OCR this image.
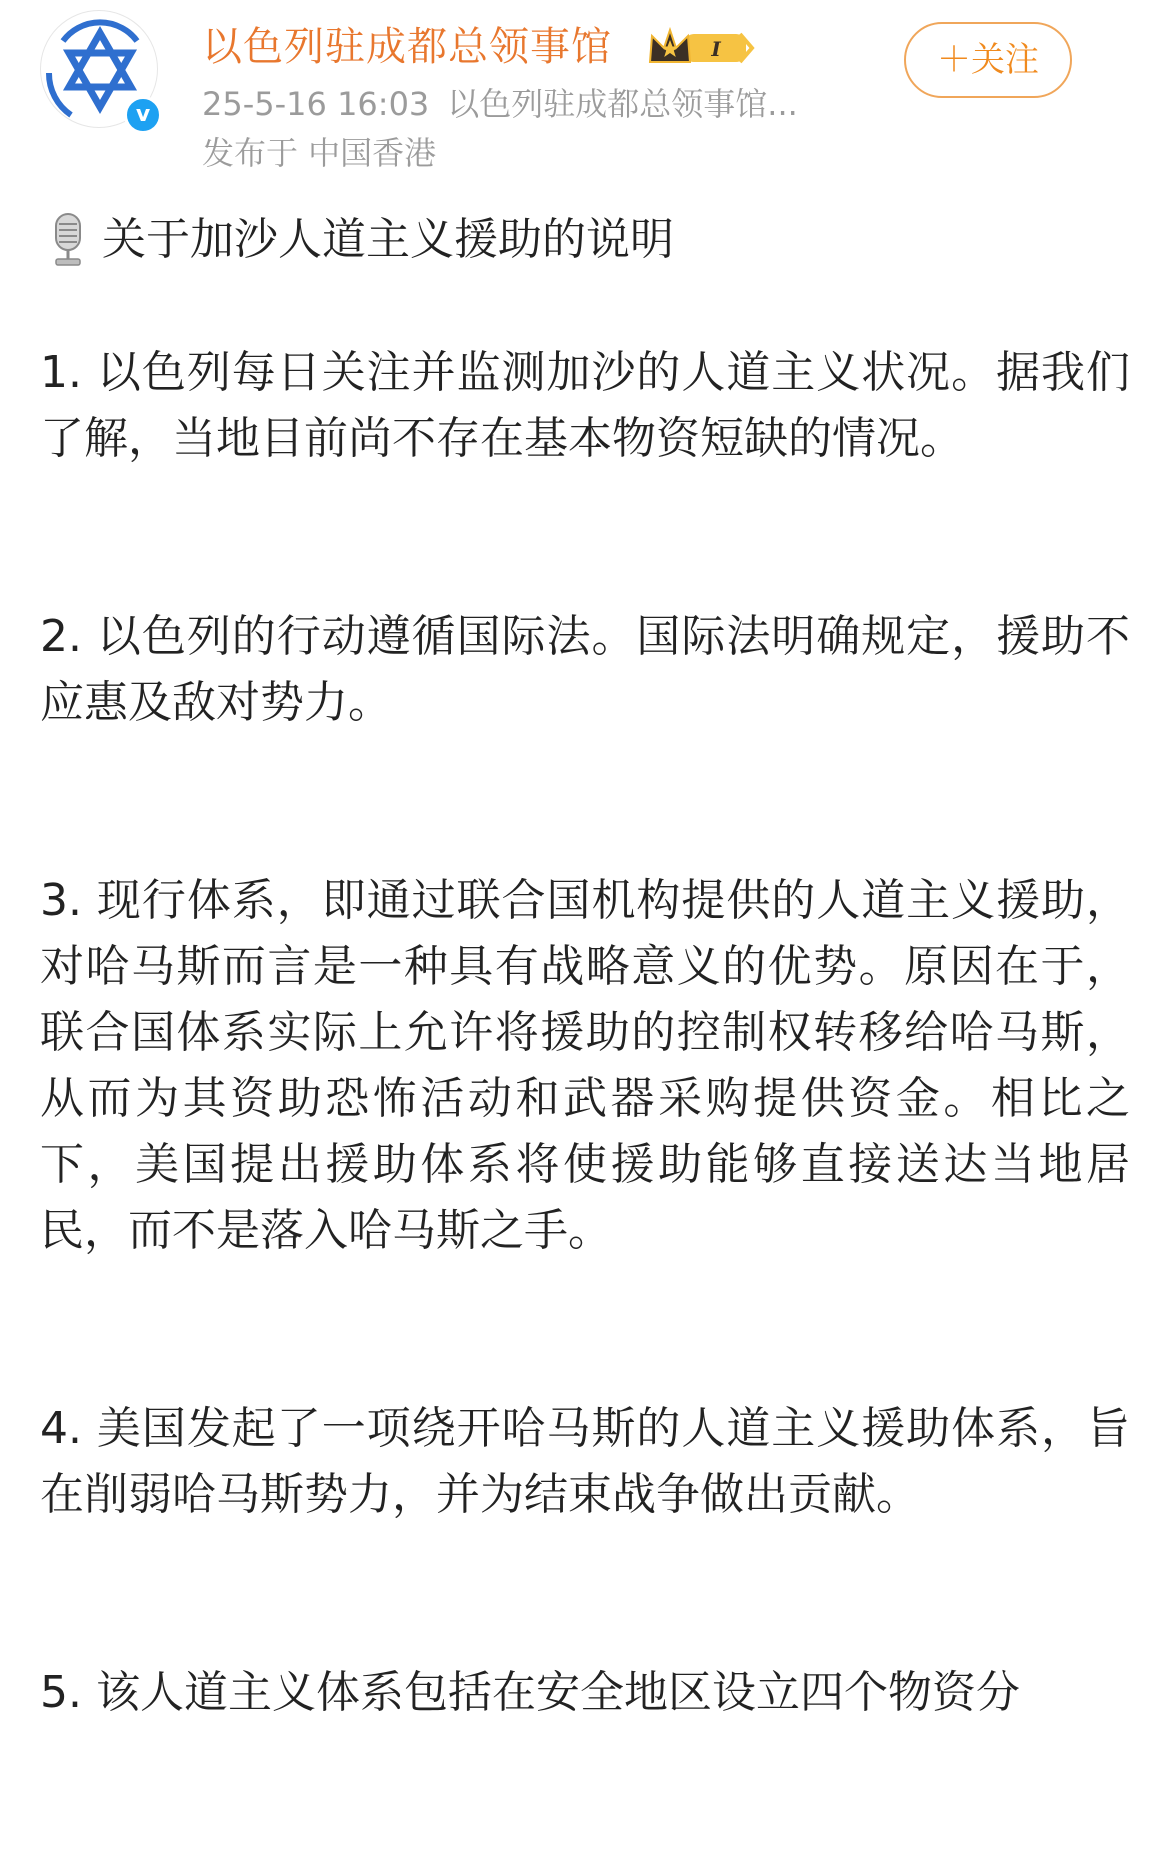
v
以色列驻成都总领事馆	I
25-5-16 16:03 以色列驻成都总领事馆...
发布于 中国香港
＋关注
关于加沙人道主义援助的说明

1. 以色列每日关注并监测加沙的人道主义状况。据我们了解，当地目前尚不存在基本物资短缺的情况。

2. 以色列的行动遵循国际法。国际法明确规定，援助不应惠及敌对势力。

3. 现行体系，即通过联合国机构提供的人道主义援助，对哈马斯而言是一种具有战略意义的优势。原因在于，联合国体系实际上允许将援助的控制权转移给哈马斯，从而为其资助恐怖活动和武器采购提供资金。相比之下，美国提出援助体系将使援助能够直接送达当地居民，而不是落入哈马斯之手。

4. 美国发起了一项绕开哈马斯的人道主义援助体系，旨在削弱哈马斯势力，并为结束战争做出贡献。

5. 该人道主义体系包括在安全地区设立四个物资分
